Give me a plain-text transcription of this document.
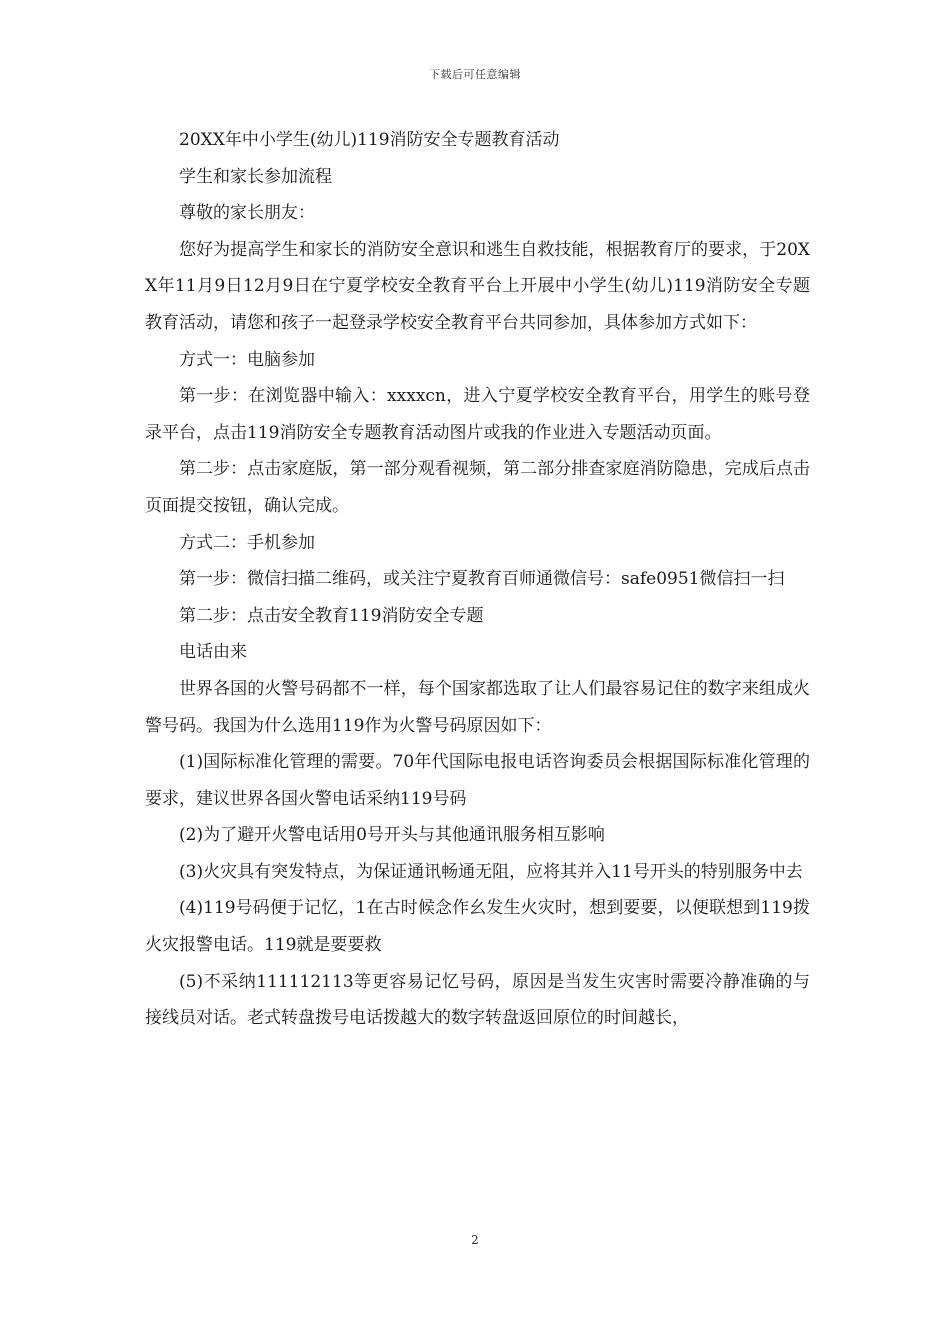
下载后可任意编辑

20XX年中小学生(幼儿)119消防安全专题教育活动

学生和家长参加流程

尊敬的家长朋友：

您好为提高学生和家长的消防安全意识和逃生自救技能，根据教育厅的要求，于20XX年11月9日12月9日在宁夏学校安全教育平台上开展中小学生(幼儿)119消防安全专题教育活动，请您和孩子一起登录学校安全教育平台共同参加，具体参加方式如下：

方式一：电脑参加

第一步：在浏览器中输入：xxxxcn，进入宁夏学校安全教育平台，用学生的账号登录平台，点击119消防安全专题教育活动图片或我的作业进入专题活动页面。

第二步：点击家庭版，第一部分观看视频，第二部分排查家庭消防隐患，完成后点击页面提交按钮，确认完成。

方式二：手机参加

第一步：微信扫描二维码，或关注宁夏教育百师通微信号：safe0951微信扫一扫

第二步：点击安全教育119消防安全专题

电话由来

世界各国的火警号码都不一样，每个国家都选取了让人们最容易记住的数字来组成火警号码。我国为什么选用119作为火警号码原因如下：

(1)国际标准化管理的需要。70年代国际电报电话咨询委员会根据国际标准化管理的要求，建议世界各国火警电话采纳119号码

(2)为了避开火警电话用0号开头与其他通讯服务相互影响

(3)火灾具有突发特点，为保证通讯畅通无阻，应将其并入11号开头的特别服务中去

(4)119号码便于记忆，1在古时候念作幺发生火灾时，想到要要，以便联想到119拨火灾报警电话。119就是要要救

(5)不采纳111112113等更容易记忆号码，原因是当发生灾害时需要冷静准确的与接线员对话。老式转盘拨号电话拨越大的数字转盘返回原位的时间越长，

2
